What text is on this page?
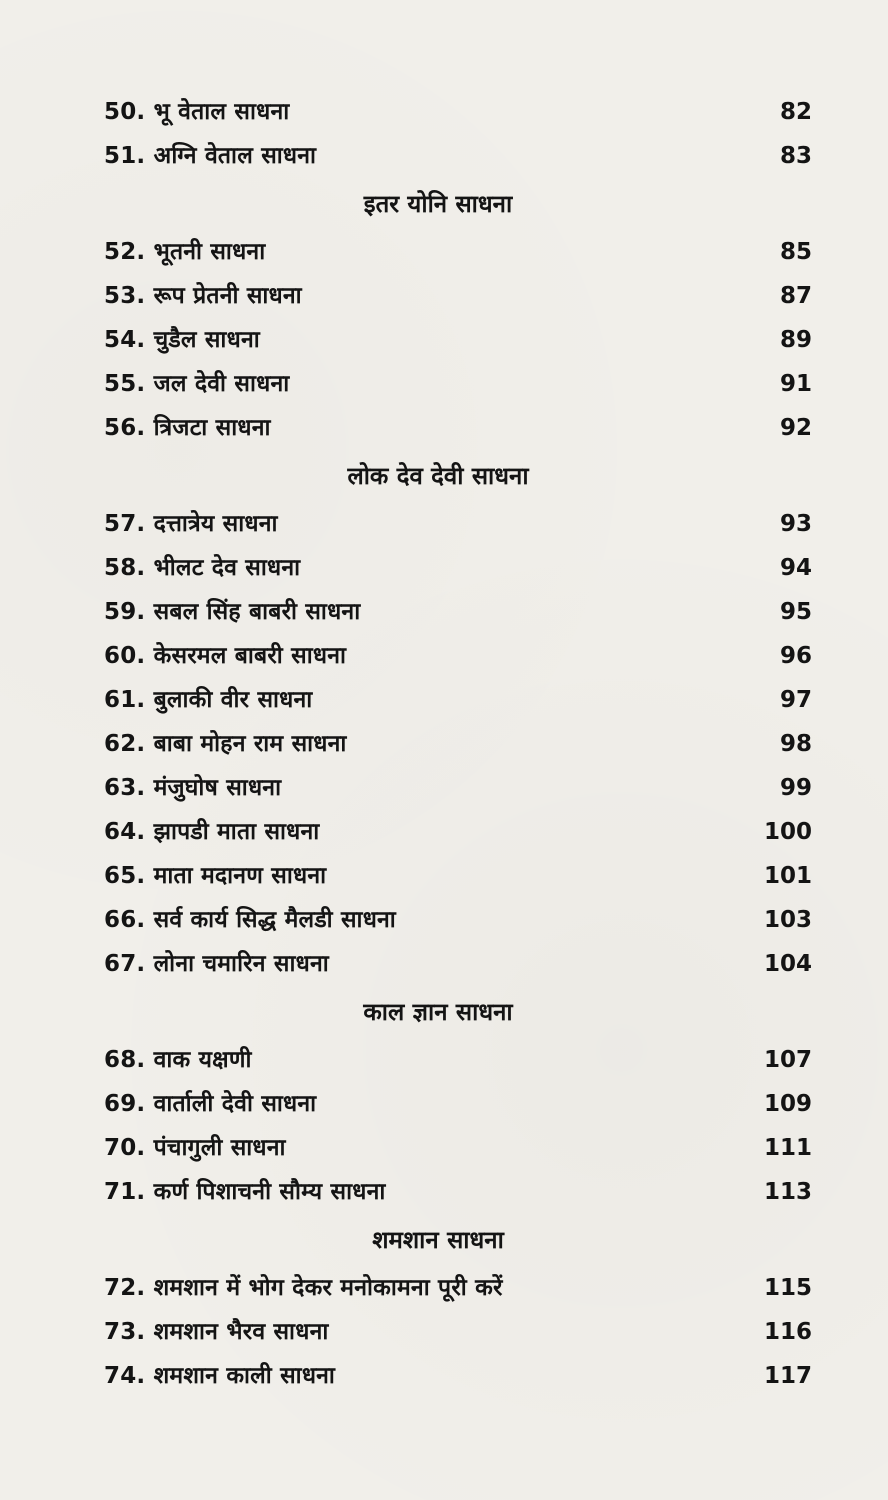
50. भू वेताल साधना	82
51. अग्नि वेताल साधना	83
इतर योनि साधना
52. भूतनी साधना	85
53. रूप प्रेतनी साधना	87
54. चुडैल साधना	89
55. जल देवी साधना	91
56. त्रिजटा साधना	92
लोक देव देवी साधना
57. दत्तात्रेय साधना	93
58. भीलट देव साधना	94
59. सबल सिंह बाबरी साधना	95
60. केसरमल बाबरी साधना	96
61. बुलाकी वीर साधना	97
62. बाबा मोहन राम साधना	98
63. मंजुघोष साधना	99
64. झापडी माता साधना	100
65. माता मदानण साधना	101
66. सर्व कार्य सिद्ध मैलडी साधना	103
67. लोना चमारिन साधना	104
काल ज्ञान साधना
68. वाक यक्षणी	107
69. वार्ताली देवी साधना	109
70. पंचागुली साधना	111
71. कर्ण पिशाचनी सौम्य साधना	113
शमशान साधना
72. शमशान में भोग देकर मनोकामना पूरी करें	115
73. शमशान भैरव साधना	116
74. शमशान काली साधना	117
